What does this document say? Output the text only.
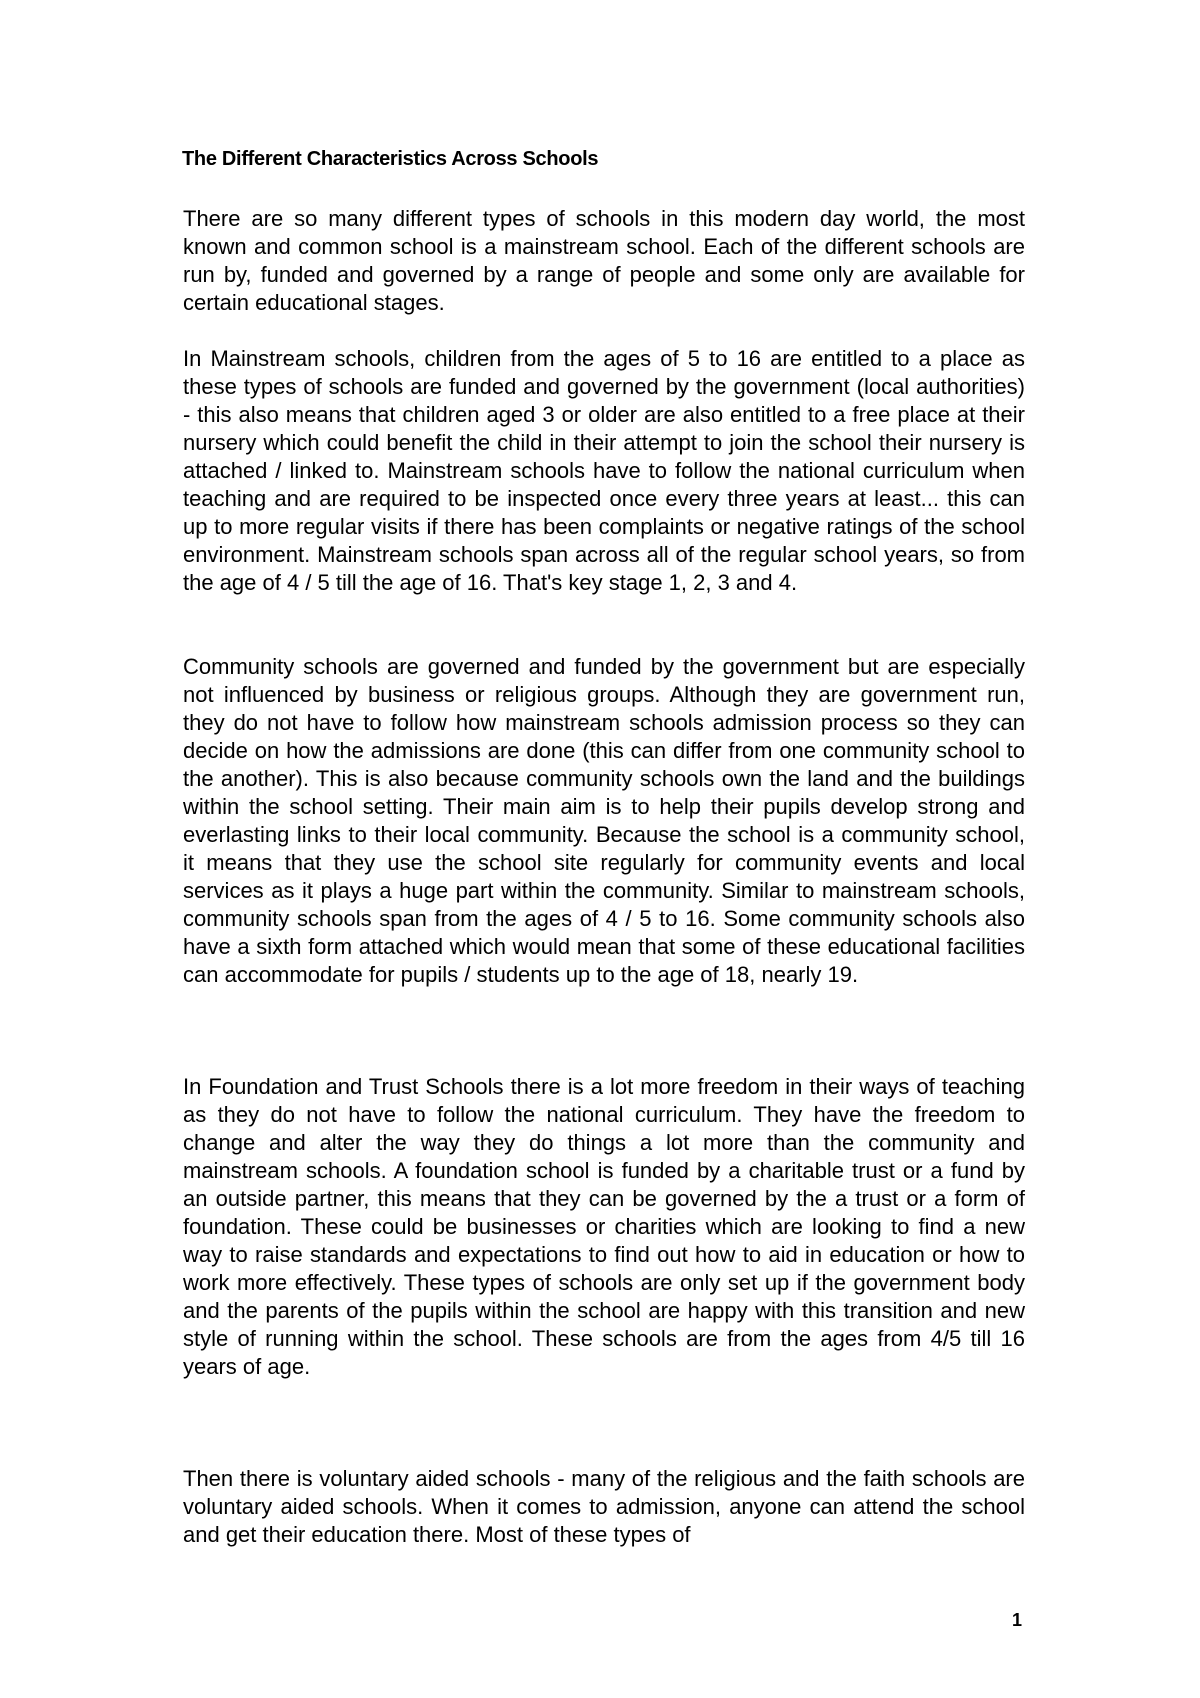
The Different Characteristics Across Schools

There are so many different types of schools in this modern day world, the most known and common school is a mainstream school. Each of the different schools are run by, funded and governed by a range of people and some only are available for certain educational stages.

In Mainstream schools, children from the ages of 5 to 16 are entitled to a place as these types of schools are funded and governed by the government (local authorities) - this also means that children aged 3 or older are also entitled to a free place at their nursery which could benefit the child in their attempt to join the school their nursery is attached / linked to. Mainstream schools have to follow the national curriculum when teaching and are required to be inspected once every three years at least... this can up to more regular visits if there has been complaints or negative ratings of the school environment. Mainstream schools span across all of the regular school years, so from the age of 4 / 5 till the age of 16. That's key stage 1, 2, 3 and 4.

Community schools are governed and funded by the government but are especially not influenced by business or religious groups. Although they are government run, they do not have to follow how mainstream schools admission process so they can decide on how the admissions are done (this can differ from one community school to the another). This is also because community schools own the land and the buildings within the school setting. Their main aim is to help their pupils develop strong and everlasting links to their local community. Because the school is a community school, it means that they use the school site regularly for community events and local services as it plays a huge part within the community. Similar to mainstream schools, community schools span from the ages of 4 / 5 to 16. Some community schools also have a sixth form attached which would mean that some of these educational facilities can accommodate for pupils / students up to the age of 18, nearly 19.

In Foundation and Trust Schools there is a lot more freedom in their ways of teaching as they do not have to follow the national curriculum. They have the freedom to change and alter the way they do things a lot more than the community and mainstream schools. A foundation school is funded by a charitable trust or a fund by an outside partner, this means that they can be governed by the a trust or a form of foundation. These could be businesses or charities which are looking to find a new way to raise standards and expectations to find out how to aid in education or how to work more effectively. These types of schools are only set up if the government body and the parents of the pupils within the school are happy with this transition and new style of running within the school. These schools are from the ages from 4/5 till 16 years of age.

Then there is voluntary aided schools - many of the religious and the faith schools are voluntary aided schools. When it comes to admission, anyone can attend the school and get their education there. Most of these types of

1
